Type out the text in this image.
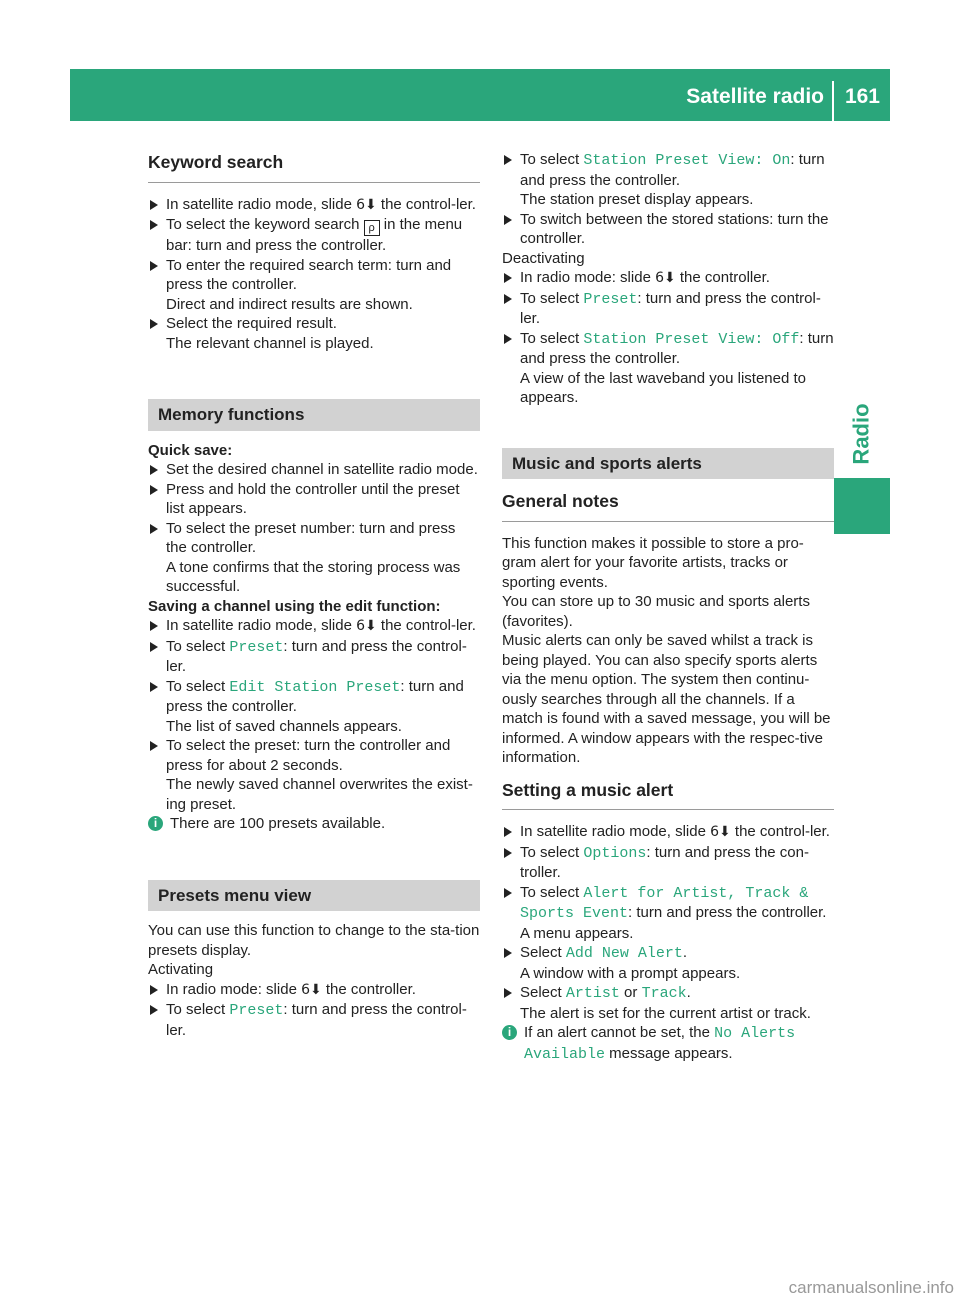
Satellite radio 161
Radio
Keyword search

In satellite radio mode, slide 6⬇ the control-ler.

To select the keyword search ρ in the menu bar: turn and press the controller.

To enter the required search term: turn and press the controller.
Direct and indirect results are shown.

Select the required result.
The relevant channel is played.

Memory functions

Quick save:

Set the desired channel in satellite radio mode.

Press and hold the controller until the preset list appears.

To select the preset number: turn and press the controller.
A tone confirms that the storing process was successful.

Saving a channel using the edit function:

In satellite radio mode, slide 6⬇ the control-ler.

To select Preset: turn and press the control-ler.

To select Edit Station Preset: turn and press the controller.
The list of saved channels appears.

To select the preset: turn the controller and press for about 2 seconds.
The newly saved channel overwrites the exist-ing preset.

i There are 100 presets available.

Presets menu view

You can use this function to change to the sta-tion presets display.

Activating

In radio mode: slide 6⬇ the controller.

To select Preset: turn and press the control-ler.

To select Station Preset View: On: turn and press the controller.
The station preset display appears.

To switch between the stored stations: turn the controller.

Deactivating

In radio mode: slide 6⬇ the controller.

To select Preset: turn and press the control-ler.

To select Station Preset View: Off: turn and press the controller.
A view of the last waveband you listened to appears.

Music and sports alerts
General notes

This function makes it possible to store a pro-gram alert for your favorite artists, tracks or sporting events.

You can store up to 30 music and sports alerts (favorites).

Music alerts can only be saved whilst a track is being played. You can also specify sports alerts via the menu option. The system then continu-ously searches through all the channels. If a match is found with a saved message, you will be informed. A window appears with the respec-tive information.

Setting a music alert

In satellite radio mode, slide 6⬇ the control-ler.

To select Options: turn and press the con-troller.

To select Alert for Artist, Track & Sports Event: turn and press the controller.
A menu appears.

Select Add New Alert.
A window with a prompt appears.

Select Artist or Track.
The alert is set for the current artist or track.

i If an alert cannot be set, the No Alerts Available message appears.

carmanualsonline.info
